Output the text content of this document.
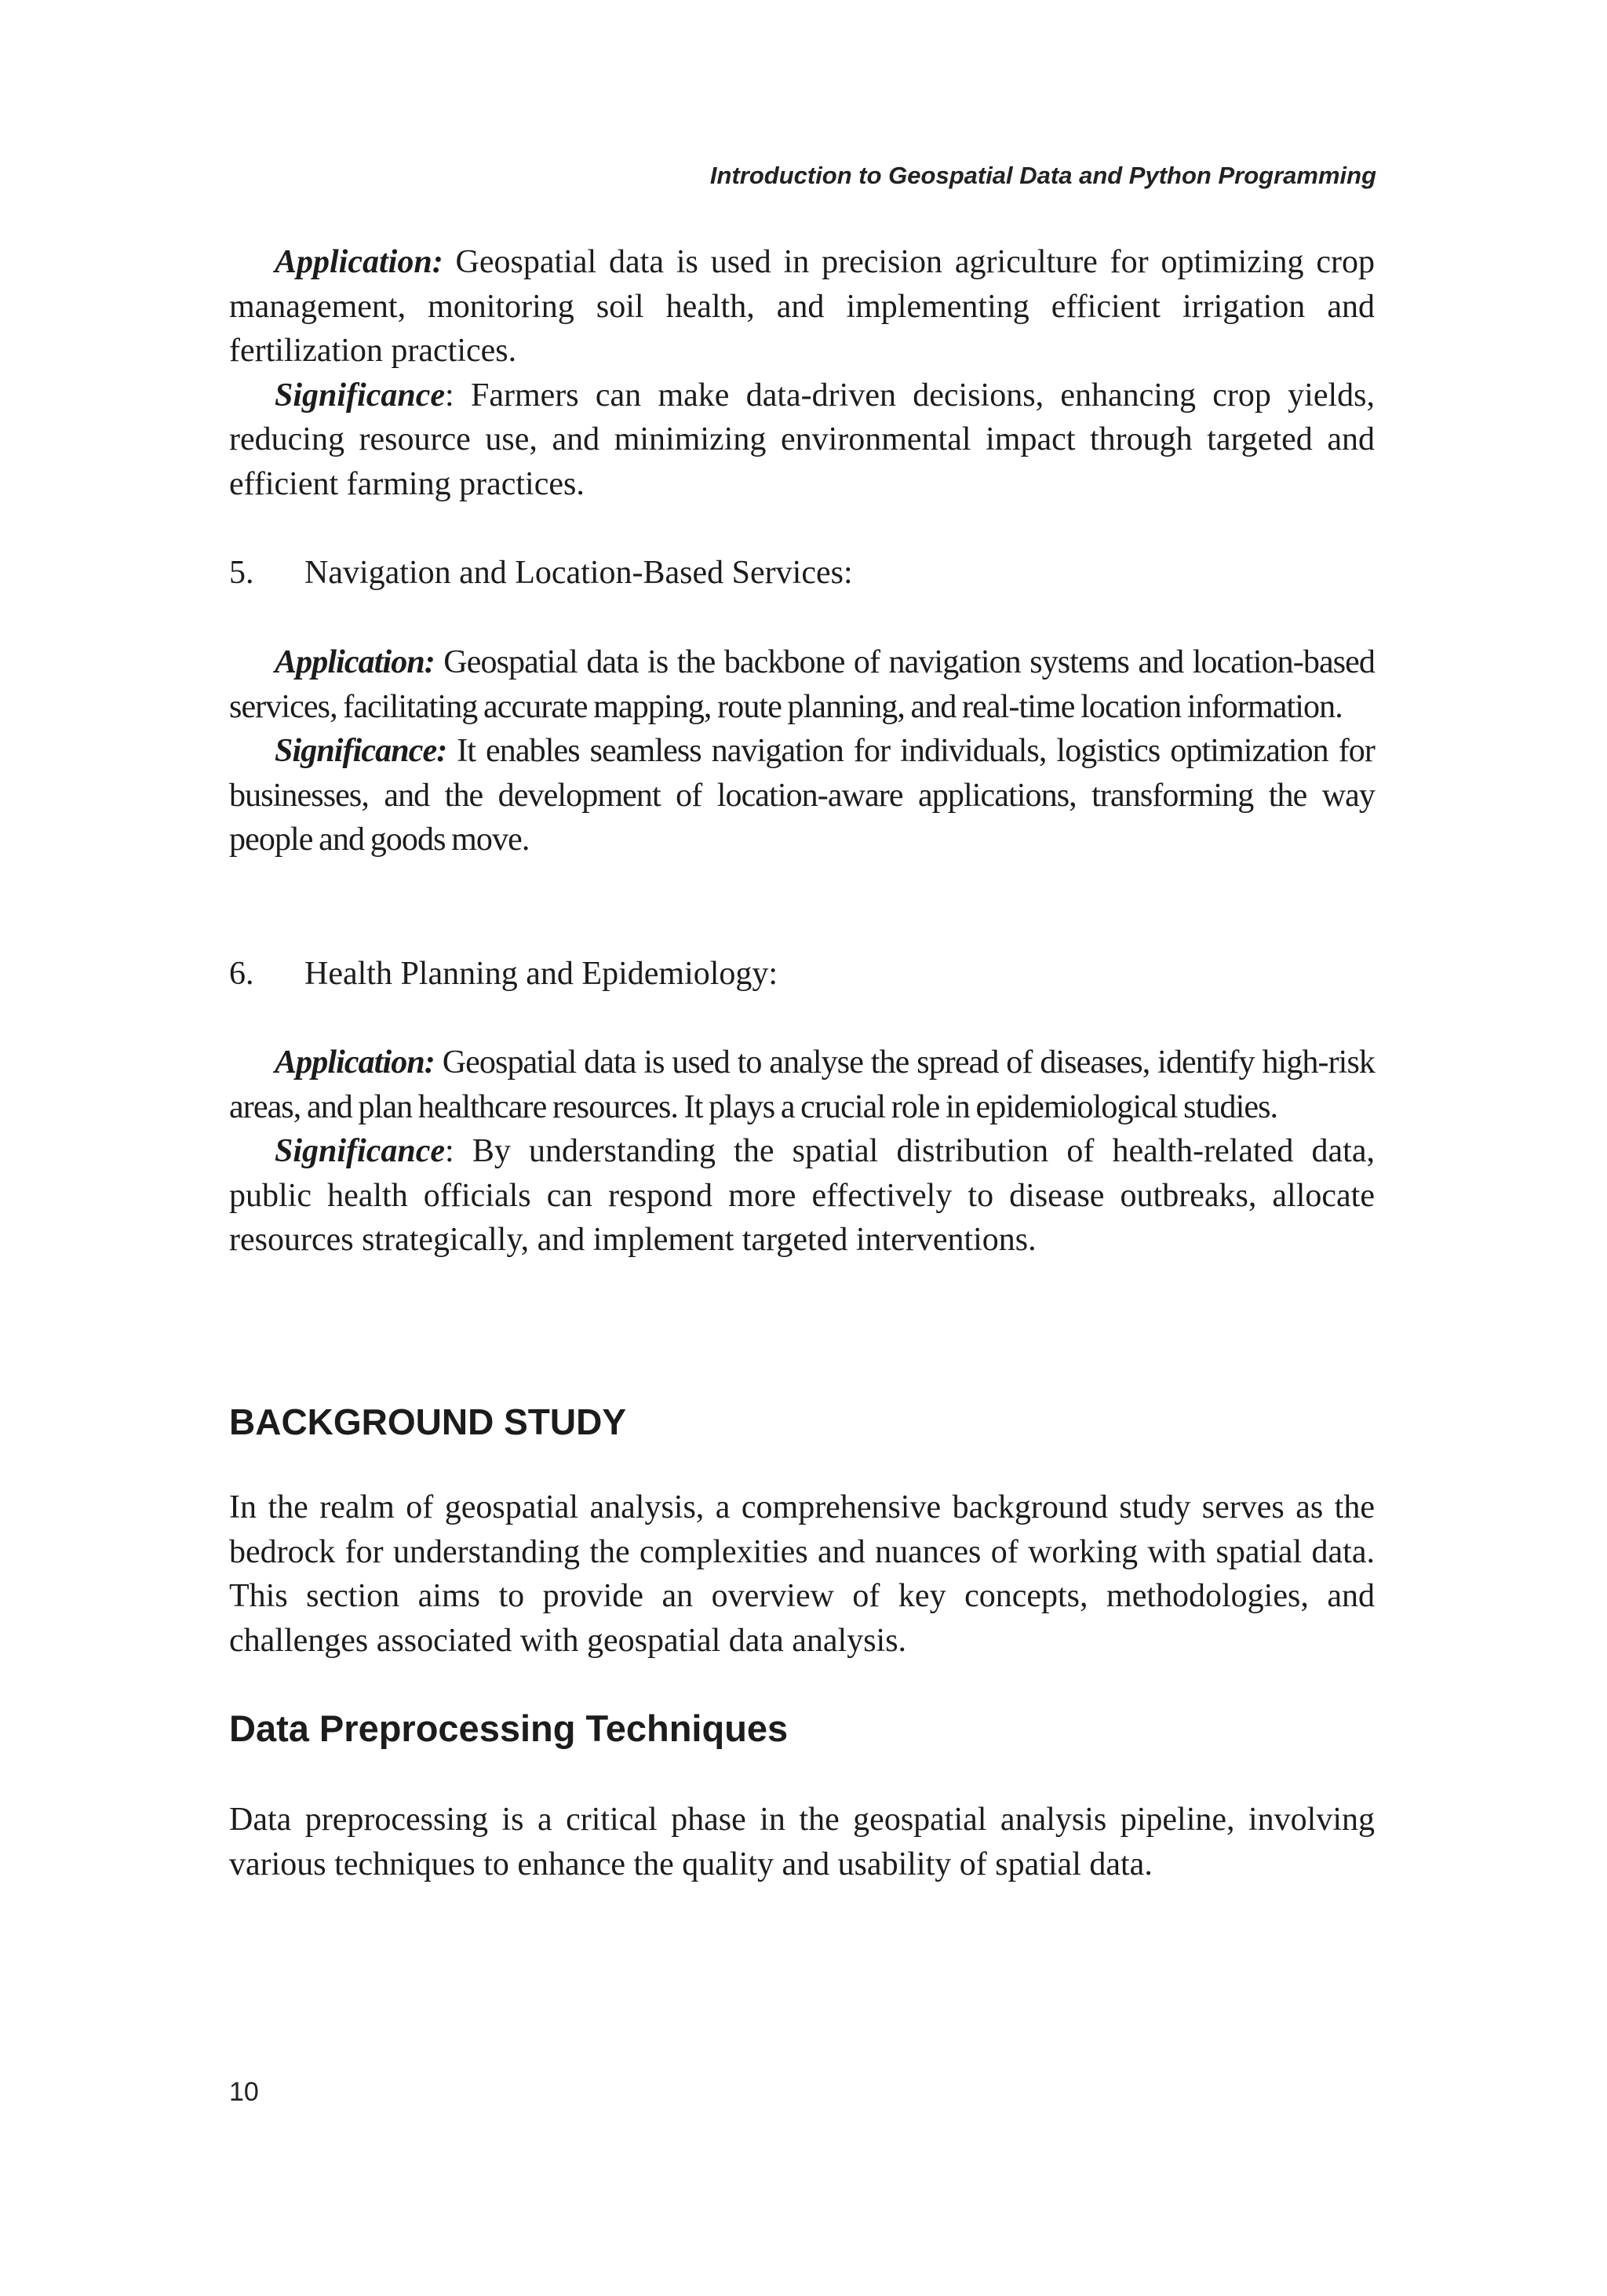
Introduction to Geospatial Data and Python Programming

Application: Geospatial data is used in precision agriculture for optimizing crop management, monitoring soil health, and implementing efficient irrigation and fertilization practices.

Significance: Farmers can make data-driven decisions, enhancing crop yields, reducing resource use, and minimizing environmental impact through targeted and efficient farming practices.

5.	Navigation and Location-Based Services:

Application: Geospatial data is the backbone of navigation systems and location-based services, facilitating accurate mapping, route planning, and real-time location information.

Significance: It enables seamless navigation for individuals, logistics optimization for businesses, and the development of location-aware applications, transforming the way people and goods move.

6.	Health Planning and Epidemiology:

Application: Geospatial data is used to analyse the spread of diseases, identify high-risk areas, and plan healthcare resources. It plays a crucial role in epidemiological studies.

Significance: By understanding the spatial distribution of health-related data, public health officials can respond more effectively to disease outbreaks, allocate resources strategically, and implement targeted interventions.

BACKGROUND STUDY

In the realm of geospatial analysis, a comprehensive background study serves as the bedrock for understanding the complexities and nuances of working with spatial data. This section aims to provide an overview of key concepts, methodologies, and challenges associated with geospatial data analysis.

Data Preprocessing Techniques

Data preprocessing is a critical phase in the geospatial analysis pipeline, involving various techniques to enhance the quality and usability of spatial data.

10
